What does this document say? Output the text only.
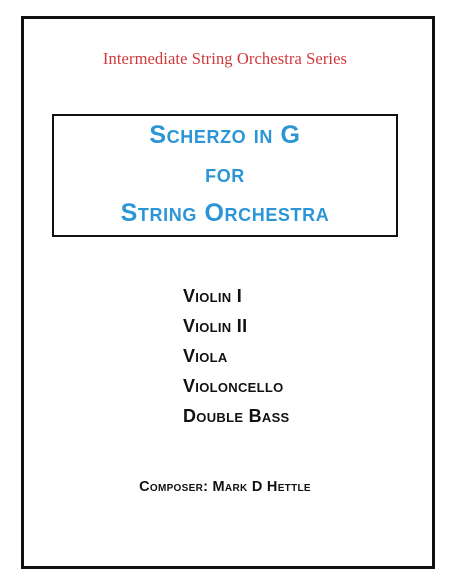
Intermediate String Orchestra Series
Scherzo in G
for
String Orchestra
Violin I
Violin II
Viola
Violoncello
Double Bass
Composer: Mark D Hettle
